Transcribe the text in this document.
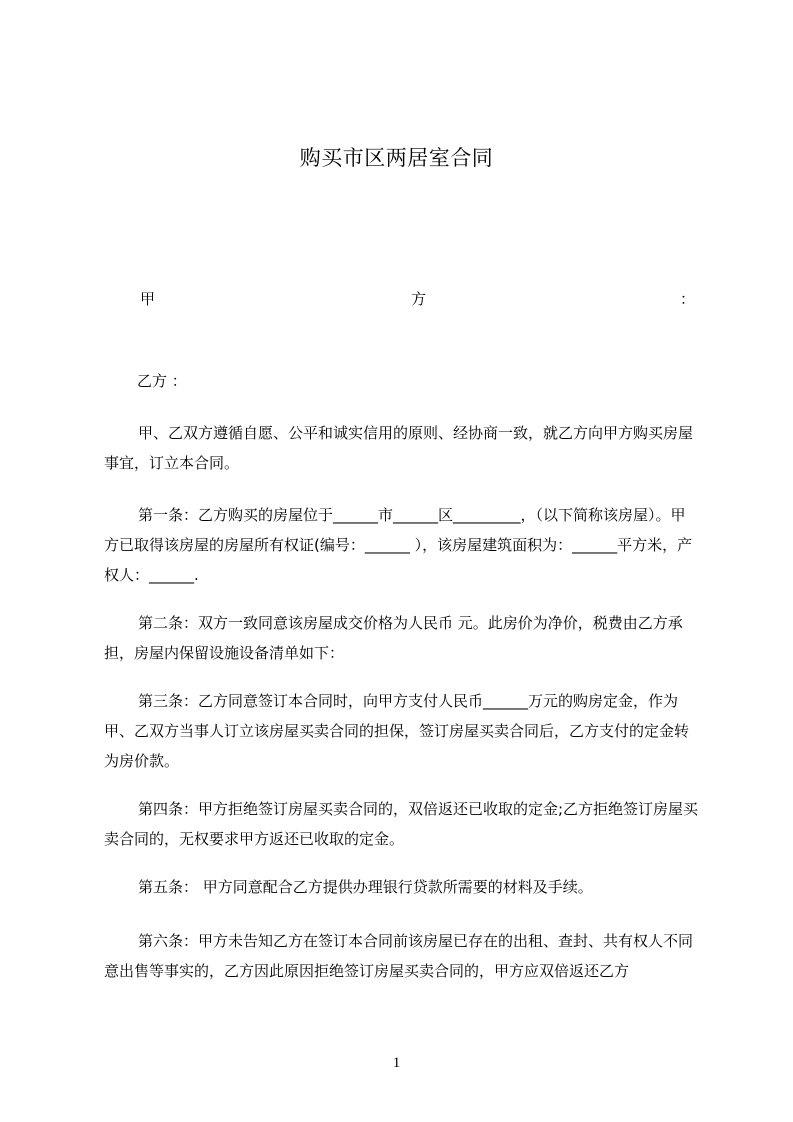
购买市区两居室合同
甲	方	：
乙方 ：
甲、乙双方遵循自愿、公平和诚实信用的原则、经协商一致，就乙方向甲方购买房屋事宜，订立本合同。
第一条：乙方购买的房屋位于______市______区_________，（以下简称该房屋）。甲方已取得该房屋的房屋所有权证(编号：______ ），该房屋建筑面积为：______平方米，产权人：______.
第二条：双方一致同意该房屋成交价格为人民币 元。此房价为净价，税费由乙方承担，房屋内保留设施设备清单如下：
第三条：乙方同意签订本合同时，向甲方支付人民币______万元的购房定金，作为甲、乙双方当事人订立该房屋买卖合同的担保，签订房屋买卖合同后，乙方支付的定金转为房价款。
第四条：甲方拒绝签订房屋买卖合同的，双倍返还已收取的定金;乙方拒绝签订房屋买卖合同的，无权要求甲方返还已收取的定金。
第五条： 甲方同意配合乙方提供办理银行贷款所需要的材料及手续。
第六条：甲方未告知乙方在签订本合同前该房屋已存在的出租、查封、共有权人不同意出售等事实的，乙方因此原因拒绝签订房屋买卖合同的，甲方应双倍返还乙方
1
